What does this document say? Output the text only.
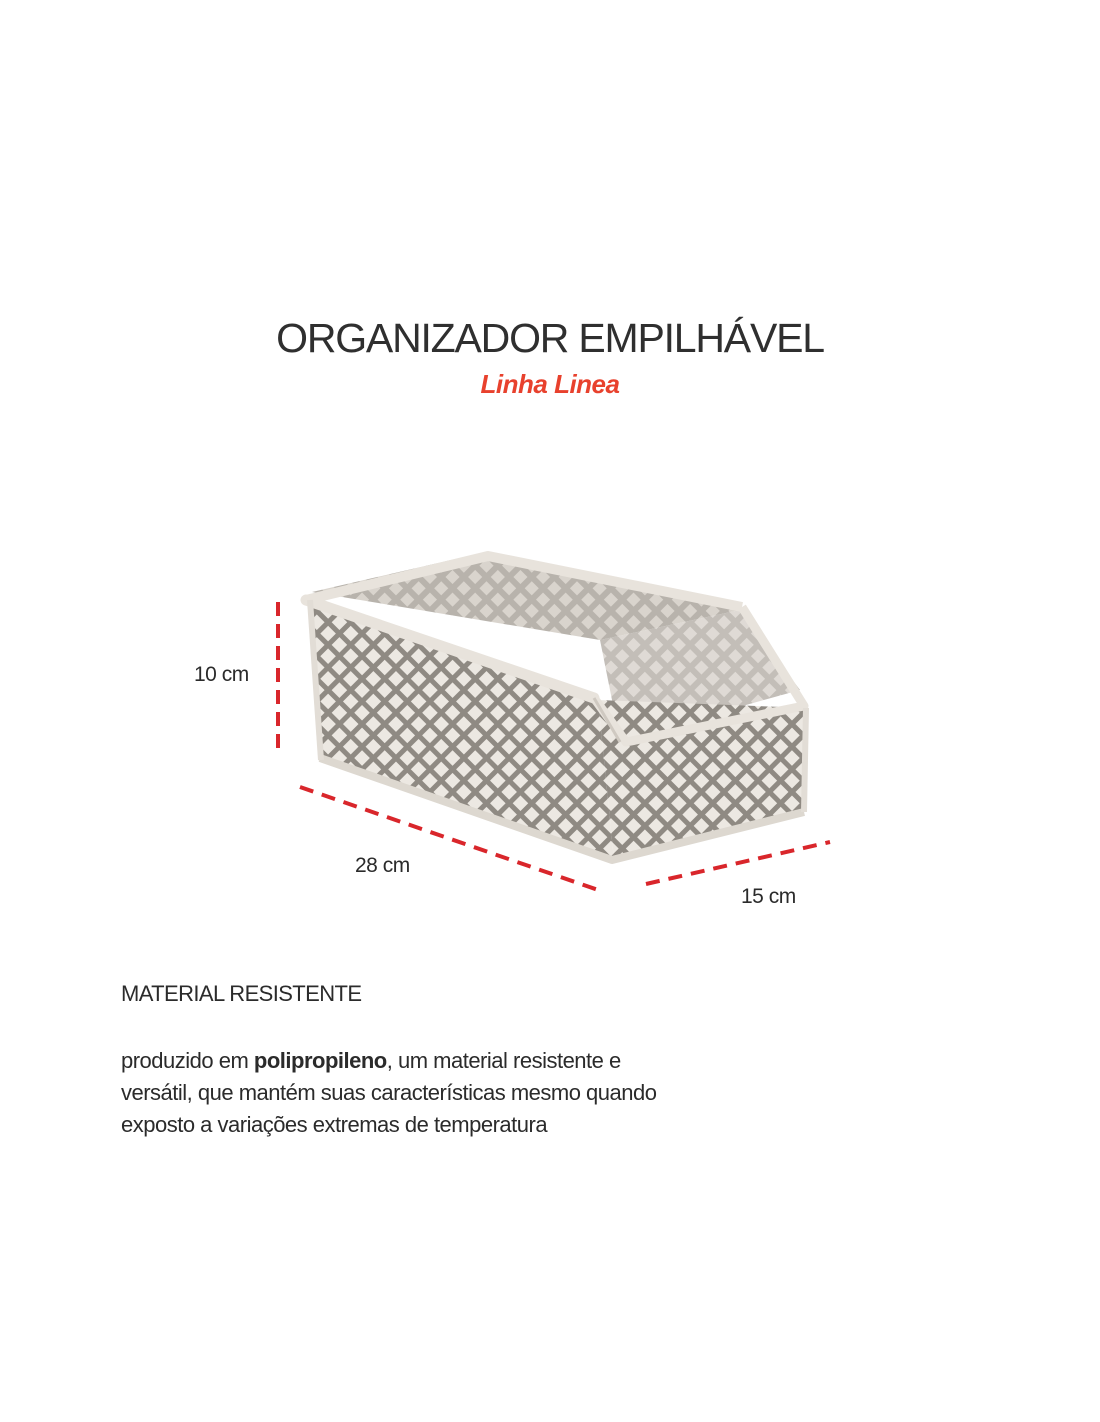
ORGANIZADOR EMPILHÁVEL
Linha Linea
10 cm
28 cm
15 cm
MATERIAL RESISTENTE

produzido em polipropileno, um material resistente e
versátil, que mantém suas características mesmo quando
exposto a variações extremas de temperatura
